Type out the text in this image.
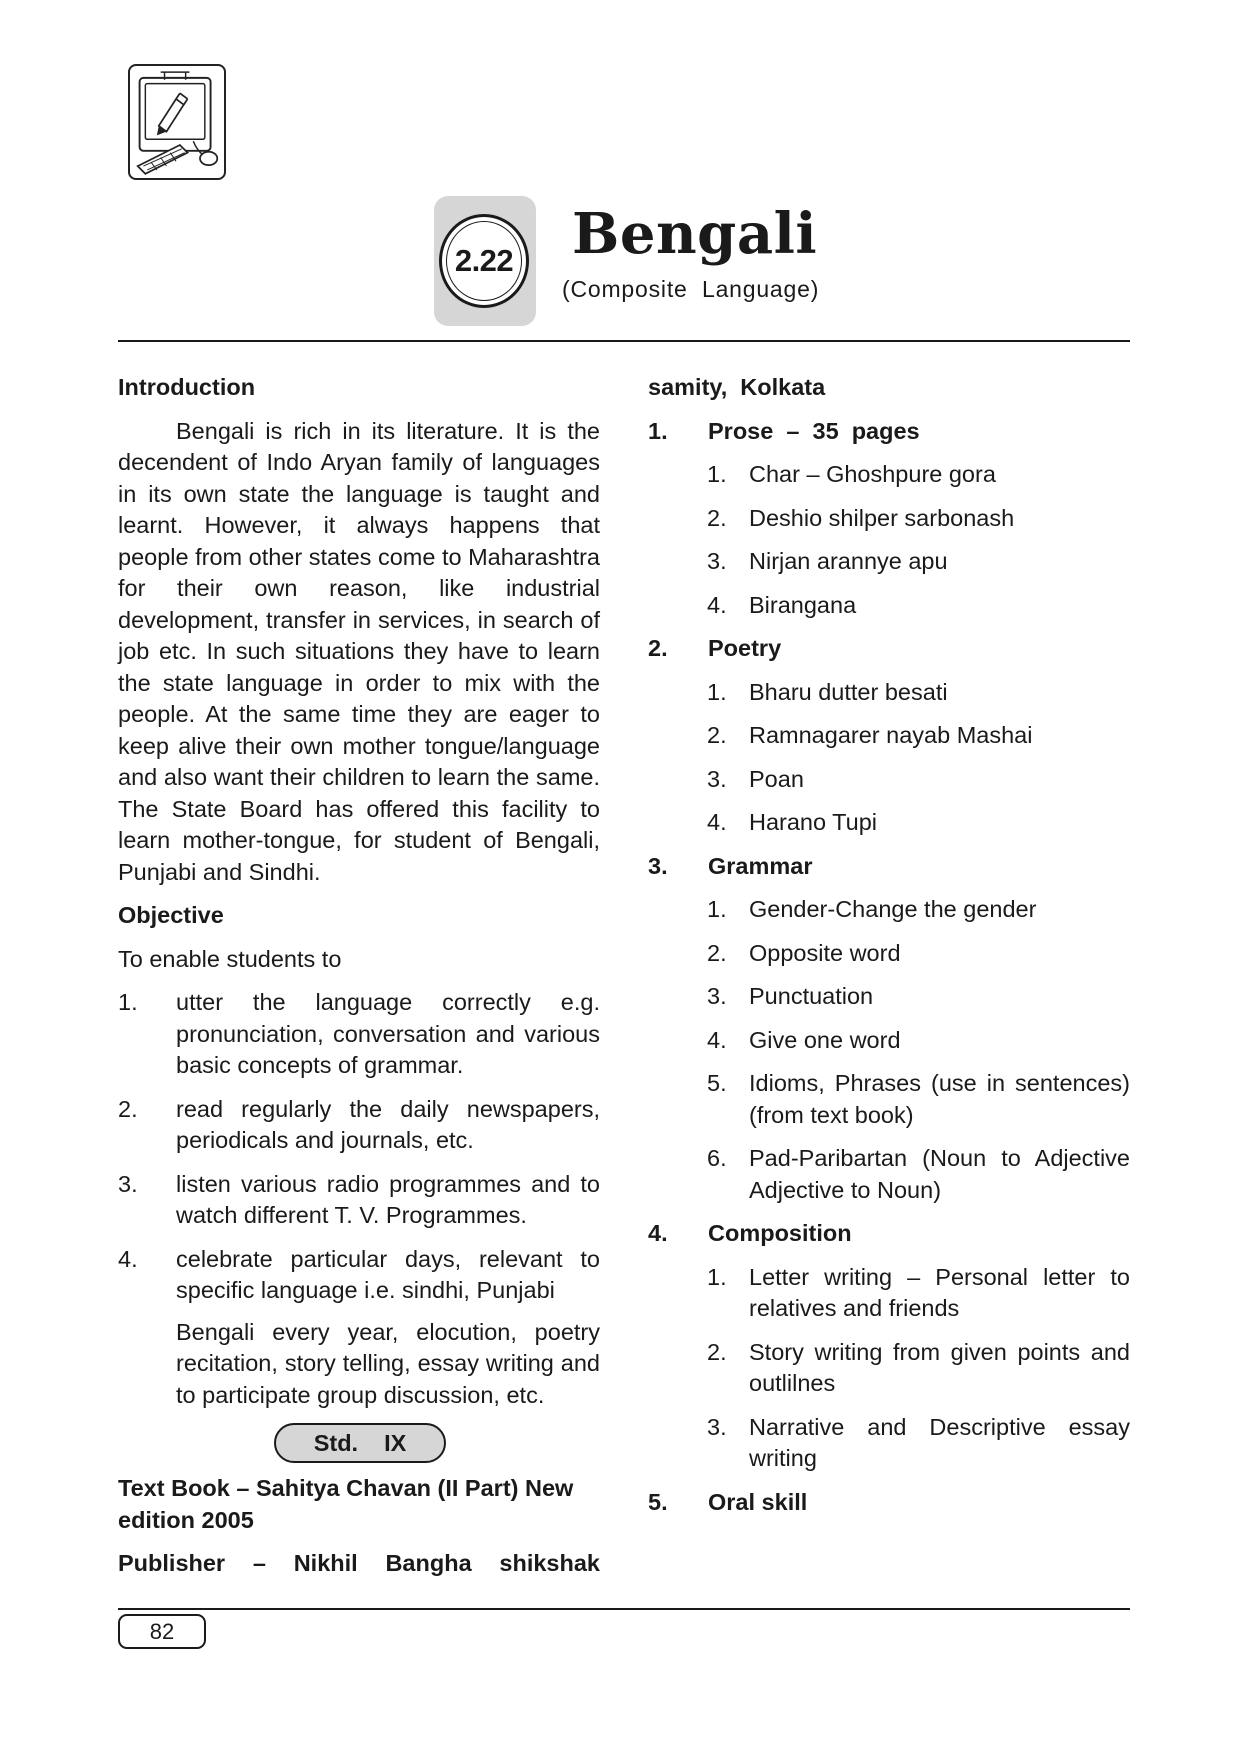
2.22 Bengali
(Composite  Language)
Introduction

Bengali is rich in its literature. It is the decendent of Indo Aryan family of languages in its own state the language is taught and learnt. However, it always happens that people from other states come to Maharashtra for their own reason, like industrial development, transfer in services, in search of job etc. In such situations they have to learn the state language in order to mix with the people. At the same time they are eager to keep alive their own mother tongue/language and also want their children to learn the same. The State Board has offered this facility to learn mother-tongue, for student of Bengali, Punjabi and Sindhi.

Objective

To enable students to

1.	utter the language correctly e.g. pronunciation, conversation and various basic concepts of grammar.
2.	read regularly the daily newspapers, periodicals and journals, etc.
3.	listen various radio programmes and to watch different T. V. Programmes.
4.	celebrate particular days, relevant to specific language i.e. sindhi, Punjabi

Bengali every year, elocution, poetry recitation, story telling, essay writing and to participate group discussion, etc.

Std. IX

Text Book – Sahitya Chavan (II Part) New edition 2005

Publisher – Nikhil Bangha shikshak

samity,  Kolkata
1.	Prose  –  35  pages
1. Char – Ghoshpure gora
2. Deshio shilper sarbonash
3. Nirjan arannye apu
4. Birangana
2.	Poetry
1. Bharu dutter besati
2. Ramnagarer nayab Mashai
3. Poan
4. Harano Tupi
3.	Grammar
1. Gender-Change the gender
2. Opposite word
3. Punctuation
4. Give one word
5. Idioms, Phrases (use in sentences) (from text book)
6. Pad-Paribartan (Noun to Adjective Adjective to Noun)
4.	Composition
1. Letter writing – Personal letter to relatives and friends
2. Story writing from given points and outlilnes
3. Narrative and Descriptive essay writing
5.	Oral skill
82
